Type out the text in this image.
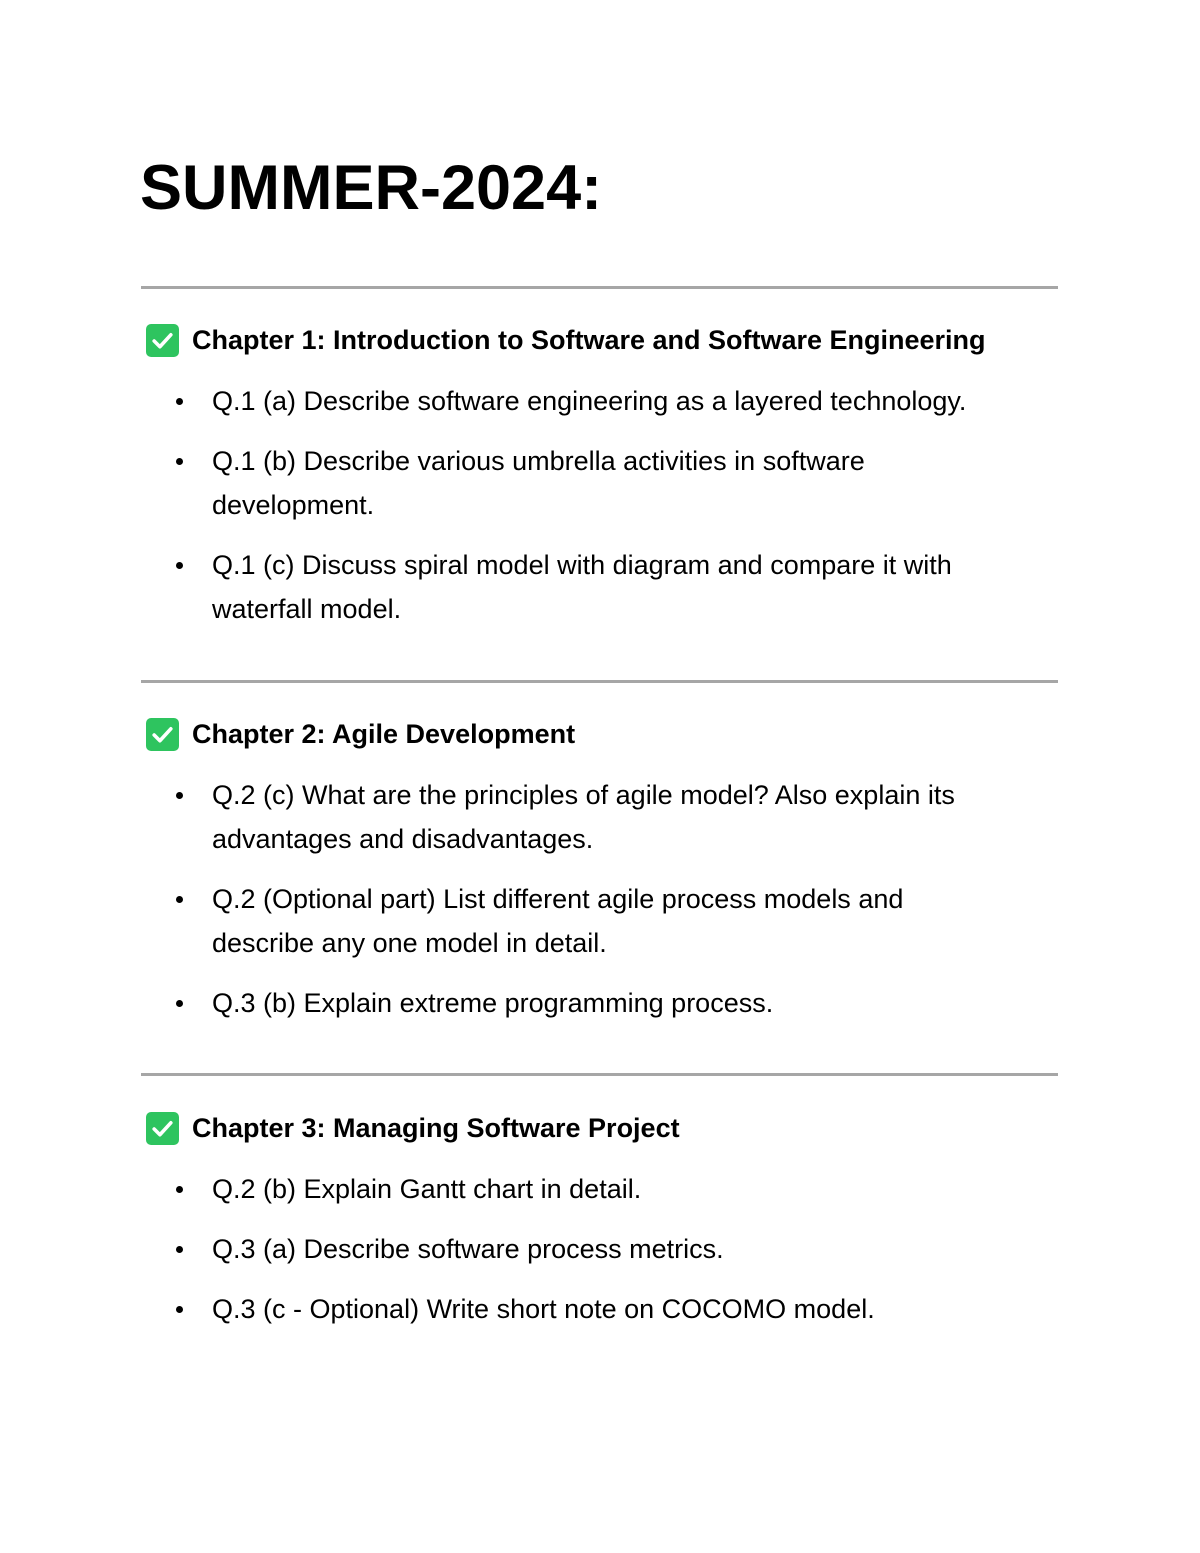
SUMMER-2024:
Chapter 1: Introduction to Software and Software Engineering
Q.1 (a) Describe software engineering as a layered technology.
Q.1 (b) Describe various umbrella activities in software development.
Q.1 (c) Discuss spiral model with diagram and compare it with waterfall model.
Chapter 2: Agile Development
Q.2 (c) What are the principles of agile model? Also explain its advantages and disadvantages.
Q.2 (Optional part) List different agile process models and describe any one model in detail.
Q.3 (b) Explain extreme programming process.
Chapter 3: Managing Software Project
Q.2 (b) Explain Gantt chart in detail.
Q.3 (a) Describe software process metrics.
Q.3 (c - Optional) Write short note on COCOMO model.
